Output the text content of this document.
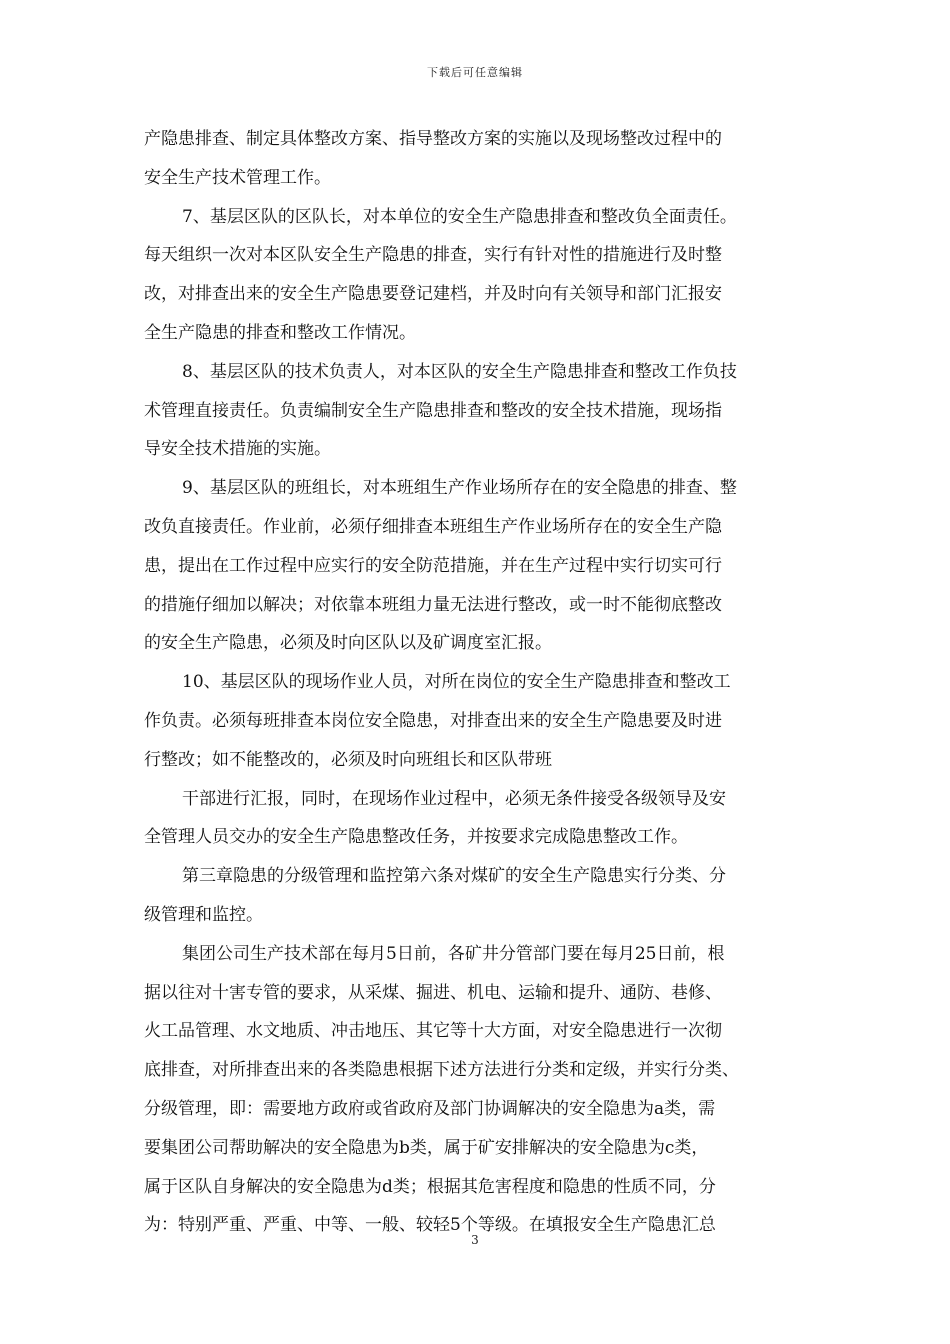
下载后可任意编辑
产隐患排查、制定具体整改方案、指导整改方案的实施以及现场整改过程中的
安全生产技术管理工作。
7、基层区队的区队长，对本单位的安全生产隐患排查和整改负全面责任。
每天组织一次对本区队安全生产隐患的排查，实行有针对性的措施进行及时整
改，对排查出来的安全生产隐患要登记建档，并及时向有关领导和部门汇报安
全生产隐患的排查和整改工作情况。
8、基层区队的技术负责人，对本区队的安全生产隐患排查和整改工作负技
术管理直接责任。负责编制安全生产隐患排查和整改的安全技术措施，现场指
导安全技术措施的实施。
9、基层区队的班组长，对本班组生产作业场所存在的安全隐患的排查、整
改负直接责任。作业前，必须仔细排查本班组生产作业场所存在的安全生产隐
患，提出在工作过程中应实行的安全防范措施，并在生产过程中实行切实可行
的措施仔细加以解决；对依靠本班组力量无法进行整改，或一时不能彻底整改
的安全生产隐患，必须及时向区队以及矿调度室汇报。
10、基层区队的现场作业人员，对所在岗位的安全生产隐患排查和整改工
作负责。必须每班排查本岗位安全隐患，对排查出来的安全生产隐患要及时进
行整改；如不能整改的，必须及时向班组长和区队带班
干部进行汇报，同时，在现场作业过程中，必须无条件接受各级领导及安
全管理人员交办的安全生产隐患整改任务，并按要求完成隐患整改工作。
第三章隐患的分级管理和监控第六条对煤矿的安全生产隐患实行分类、分
级管理和监控。
集团公司生产技术部在每月5日前，各矿井分管部门要在每月25日前，根
据以往对十害专管的要求，从采煤、掘进、机电、运输和提升、通防、巷修、
火工品管理、水文地质、冲击地压、其它等十大方面，对安全隐患进行一次彻
底排查，对所排查出来的各类隐患根据下述方法进行分类和定级，并实行分类、
分级管理，即：需要地方政府或省政府及部门协调解决的安全隐患为a类，需
要集团公司帮助解决的安全隐患为b类，属于矿安排解决的安全隐患为c类，
属于区队自身解决的安全隐患为d类；根据其危害程度和隐患的性质不同，分
为：特别严重、严重、中等、一般、较轻5个等级。在填报安全生产隐患汇总
3
